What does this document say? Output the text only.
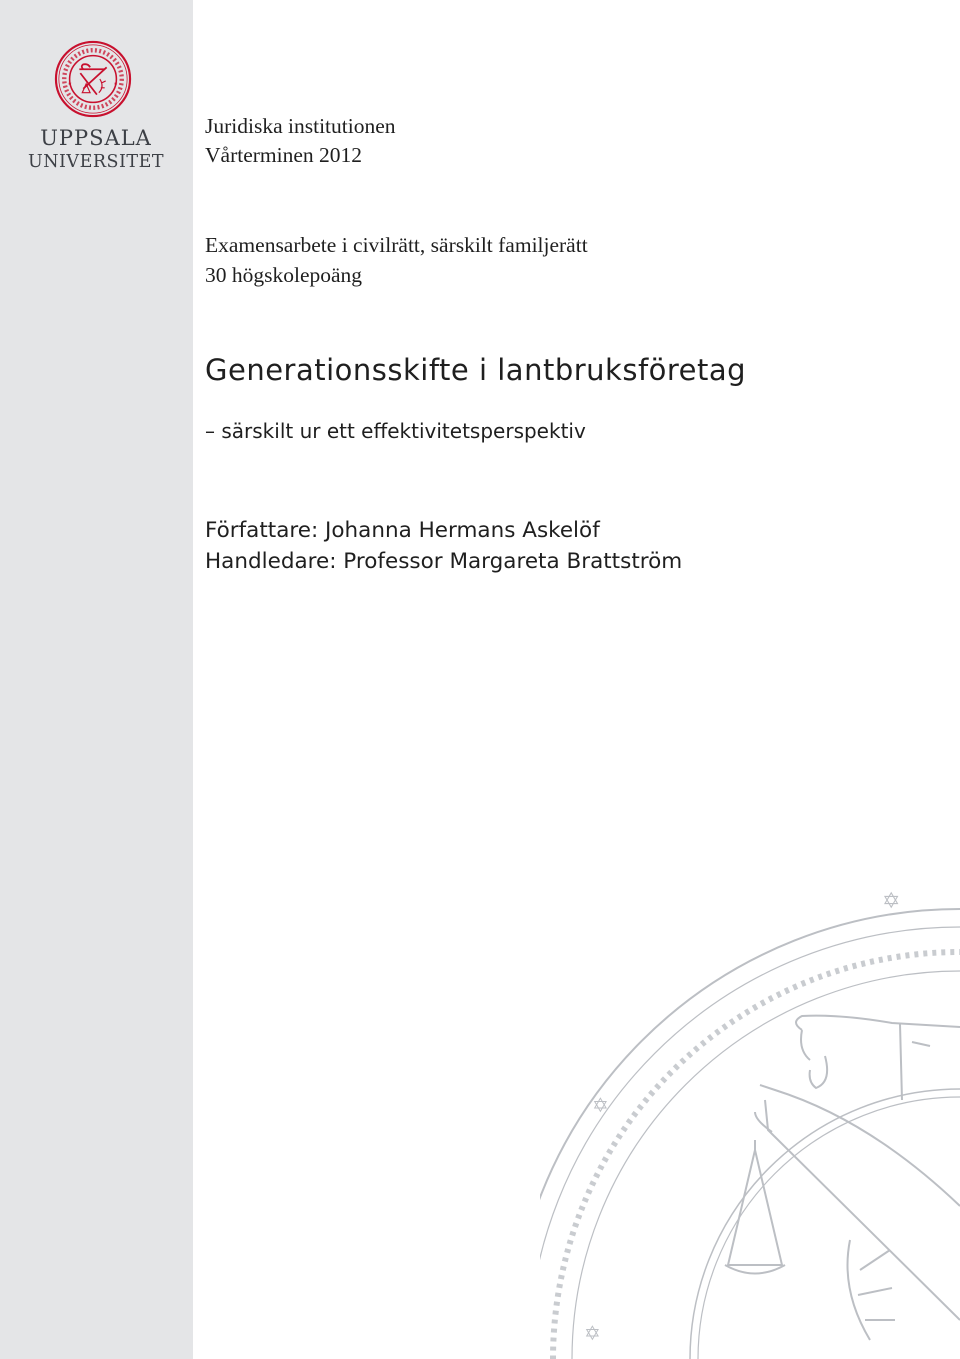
★	★
UPPSALA
UNIVERSITET
Juridiska institutionen
Vårterminen 2012
Examensarbete i civilrätt, särskilt familjerätt
30 högskolepoäng
Generationsskifte i lantbruksföretag
– särskilt ur ett effektivitetsperspektiv
Författare: Johanna Hermans Askelöf
Handledare: Professor Margareta Brattström
✡
✡
✡
